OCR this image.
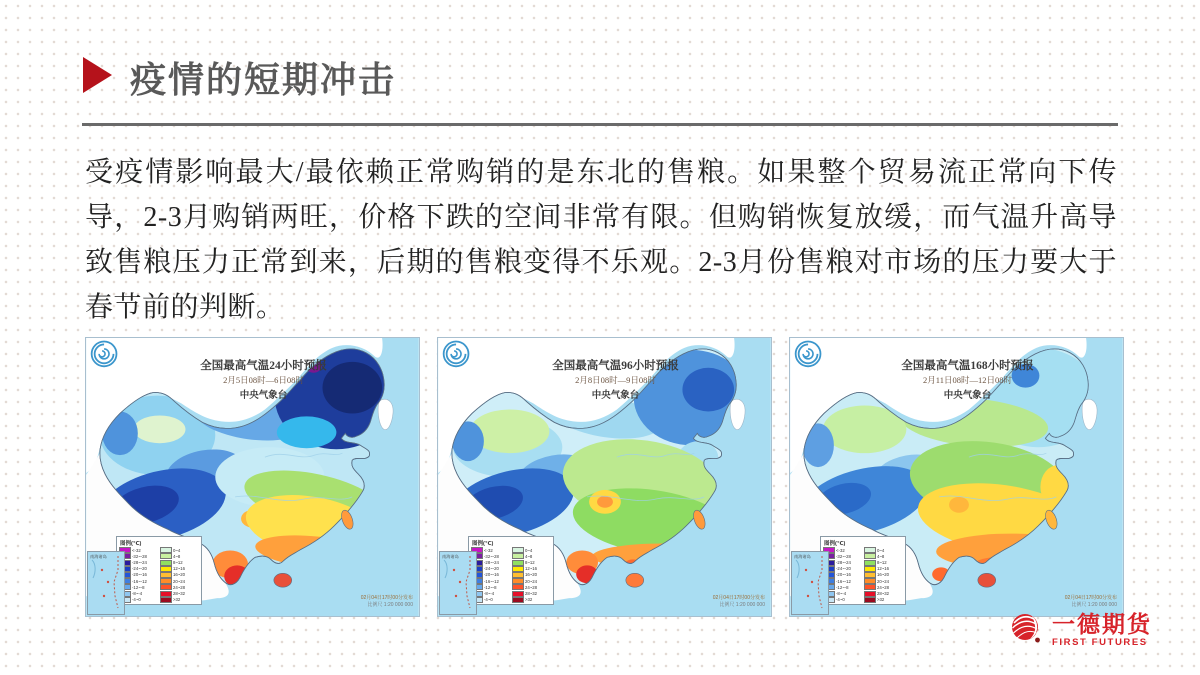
疫情的短期冲击
受疫情影响最大/最依赖正常购销的是东北的售粮。如果整个贸易流正常向下传导，2-3月购销两旺，价格下跌的空间非常有限。但购销恢复放缓，而气温升高导致售粮压力正常到来，后期的售粮变得不乐观。2-3月份售粮对市场的压力要大于春节前的判断。
全国最高气温24小时预报
2月5日08时—6日08时
中央气象台
图例(℃)
<-32
-32~-28
-28~-24
-24~-20
-20~-16
-16~-12
-12~-8
-8~-4
-4~0
0~4
4~8
8~12
12~16
16~20
20~24
24~28
28~32
>32
南海诸岛
02月04日17时00分发布
比例尺 1:20 000 000
全国最高气温96小时预报
2月8日08时—9日08时
中央气象台
图例(℃)
<-32
-32~-28
-28~-24
-24~-20
-20~-16
-16~-12
-12~-8
-8~-4
-4~0
0~4
4~8
8~12
12~16
16~20
20~24
24~28
28~32
>32
南海诸岛
02月04日17时00分发布
比例尺 1:20 000 000
全国最高气温168小时预报
2月11日08时—12日08时
中央气象台
图例(℃)
<-32
-32~-28
-28~-24
-24~-20
-20~-16
-16~-12
-12~-8
-8~-4
-4~0
0~4
4~8
8~12
12~16
16~20
20~24
24~28
28~32
>32
南海诸岛
02月04日17时00分发布
比例尺 1:20 000 000
一德期货
FIRST FUTURES
